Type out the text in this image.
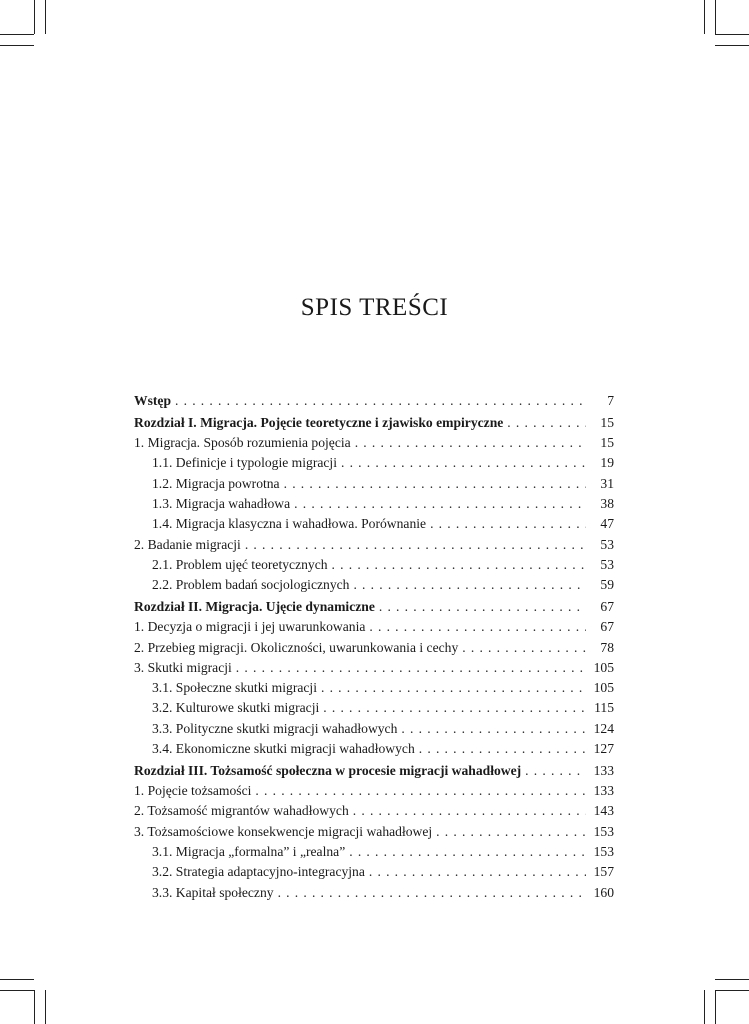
SPIS TREŚCI
Wstęp . . .	7
Rozdział I. Migracja. Pojęcie teoretyczne i zjawisko empiryczne . . .	15
1. Migracja. Sposób rozumienia pojęcia . . .	15
1.1. Definicje i typologie migracji . . .	19
1.2. Migracja powrotna . . .	31
1.3. Migracja wahadłowa . . .	38
1.4. Migracja klasyczna i wahadłowa. Porównanie . . .	47
2. Badanie migracji . . .	53
2.1. Problem ujęć teoretycznych . . .	53
2.2. Problem badań socjologicznych . . .	59
Rozdział II. Migracja. Ujęcie dynamiczne . . .	67
1. Decyzja o migracji i jej uwarunkowania . . .	67
2. Przebieg migracji. Okoliczności, uwarunkowania i cechy . . .	78
3. Skutki migracji . . .	105
3.1. Społeczne skutki migracji . . .	105
3.2. Kulturowe skutki migracji . . .	115
3.3. Polityczne skutki migracji wahadłowych . . .	124
3.4. Ekonomiczne skutki migracji wahadłowych . . .	127
Rozdział III. Tożsamość społeczna w procesie migracji wahadłowej . . .	133
1. Pojęcie tożsamości . . .	133
2. Tożsamość migrantów wahadłowych . . .	143
3. Tożsamościowe konsekwencje migracji wahadłowej . . .	153
3.1. Migracja „formalna” i „realna” . . .	153
3.2. Strategia adaptacyjno-integracyjna . . .	157
3.3. Kapitał społeczny . . .	160
